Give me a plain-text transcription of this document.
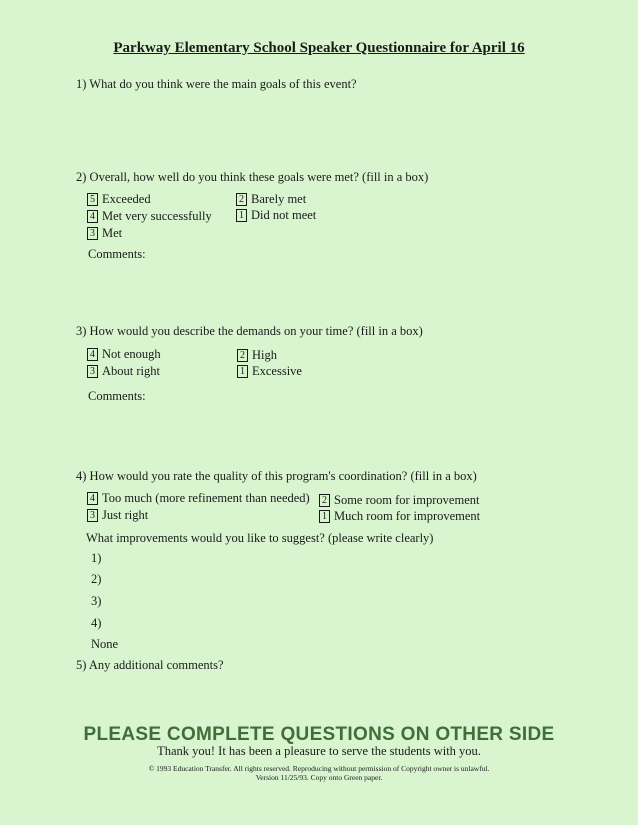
Parkway Elementary School Speaker Questionnaire for April 16
1) What do you think were the main goals of this event?
2) Overall, how well do you think these goals were met? (fill in a box)
5 Exceeded
4 Met very successfully
3 Met
2 Barely met
1 Did not meet
Comments:
3) How would you describe the demands on your time? (fill in a box)
4 Not enough
3 About right
2 High
1 Excessive
Comments:
4) How would you rate the quality of this program's coordination? (fill in a box)
4 Too much (more refinement than needed)
3 Just right
2 Some room for improvement
1 Much room for improvement
What improvements would you like to suggest? (please write clearly)
1)
2)
3)
4)
None
5) Any additional comments?
PLEASE COMPLETE QUESTIONS ON OTHER SIDE
Thank you! It has been a pleasure to serve the students with you.
© 1993 Education Transfer. All rights reserved. Reproducing without permission of Copyright owner is unlawful.
Version 11/25/93. Copy onto Green paper.
